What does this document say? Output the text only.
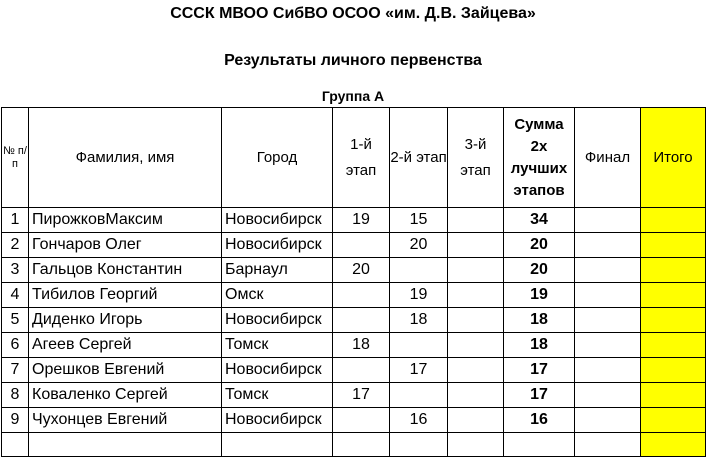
СССК МВОО СибВО ОСОО «им. Д.В. Зайцева»
Результаты личного первенства
Группа А
№ п/п	Фамилия, имя	Город	1-й этап	2-й этап	3-й этап	Сумма 2х лучших этапов	Финал	Итого
1	ПирожковМаксим	Новосибирск	19	15		34		
2	Гончаров Олег	Новосибирск		20		20		
3	Гальцов Константин	Барнаул	20			20		
4	Тибилов Георгий	Омск		19		19		
5	Диденко Игорь	Новосибирск		18		18		
6	Агеев Сергей	Томск	18			18		
7	Орешков Евгений	Новосибирск		17		17		
8	Коваленко Сергей	Томск	17			17		
9	Чухонцев Евгений	Новосибирск		16		16		
